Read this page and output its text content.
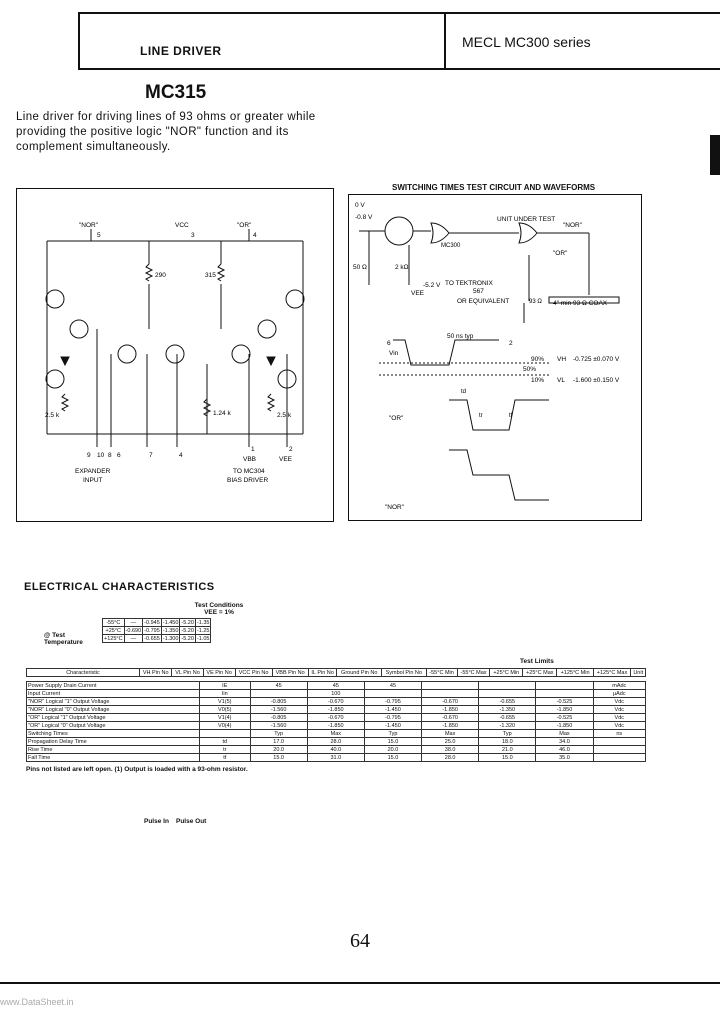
LINE DRIVER
MECL MC300 series
MC315
Line driver for driving lines of 93 ohms or greater while providing the positive logic "NOR" function and its complement simultaneously.
"NOR"	VCC	"OR"
5	3	4
290	315
2.5 k	1.24 k	2.5 k
9 10 8 6	7	4
EXPANDER
INPUT
1	2
VBB	VEE
TO MC304
BIAS DRIVER
SWITCHING TIMES TEST CIRCUIT AND WAVEFORMS
0 V
-0.8 V
MC300
UNIT UNDER TEST
"NOR"
"OR"
50 Ω	2 kΩ
VEE
-5.2 V TO TEKTRONIX
567
OR EQUIVALENT	93 Ω 4" min 93 Ω COAX
6	2
50 ns typ
Vin
90%
50%
10%
VH -0.725 ±0.070 V
VL -1.600 ±0.150 V
"OR"
"NOR"
td
tr	tf
ELECTRICAL CHARACTERISTICS
Test Conditions
VEE = 1%
@ Test Temperature
-55°C	—	-0.945	-1.450	-5.20	-1.35
+25°C	-0.690	-0.795	-1.350	-5.20	-1.25
+125°C	—	-0.655	-1.300	-5.20	-1.05
Test Limits
Characteristic	VH Pin No	VL Pin No	VE Pin No	VCC Pin No	VBB Pin No	IL Pin No	Ground Pin No	Symbol Pin No	-55°C Min	-55°C Max	+25°C Min	+25°C Max	+125°C Min	+125°C Max	Unit
Power Supply Drain Current	IE	45	45	45				mAdc
Input Current	Iin		100					µAdc
"NOR" Logical "1" Output Voltage	V1(5)	-0.805	-0.670	-0.795	-0.670	-0.655	-0.525	Vdc
"NOR" Logical "0" Output Voltage	V0(5)	-1.560	-1.850	-1.450	-1.850	-1.350	-1.850	Vdc
"OR" Logical "1" Output Voltage	V1(4)	-0.805	-0.670	-0.795	-0.670	-0.655	-0.525	Vdc
"OR" Logical "0" Output Voltage	V0(4)	-1.560	-1.850	-1.450	-1.850	-1.320	-1.850	Vdc
Switching Times		Typ	Max	Typ	Max	Typ	Max	ns
Propagation Delay Time	td	17.0	28.0	15.0	25.0	18.0	34.0	
Rise Time	tr	20.0	40.0	20.0	38.0	21.0	46.0	
Fall Time	tf	15.0	31.0	15.0	28.0	15.0	35.0	
Pins not listed are left open. (1) Output is loaded with a 93-ohm resistor.
Pulse In Pulse Out
64
www.DataSheet.in
